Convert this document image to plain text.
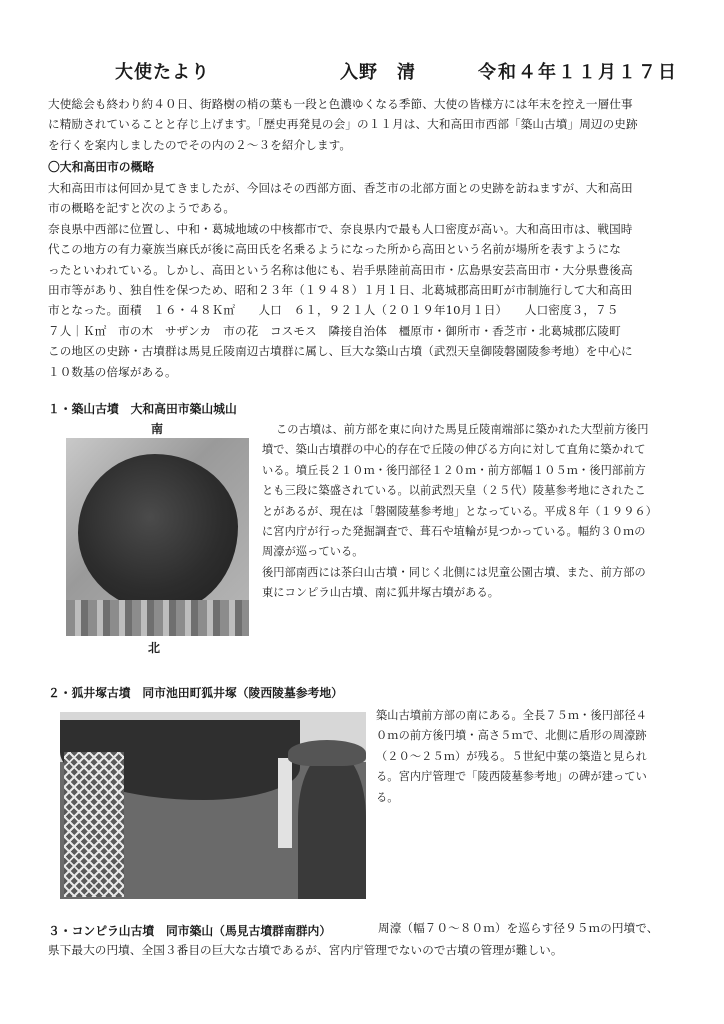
大使たより	入野　清	令和４年１１月１７日

大使総会も終わり約４０日、街路樹の梢の葉も一段と色濃ゆくなる季節、大使の皆様方には年末を控え一層仕事

に精励されていることと存じ上げます。「歴史再発見の会」の１１月は、大和高田市西部「築山古墳」周辺の史跡

を行くを案内しましたのでその内の２～３を紹介します。

〇大和高田市の概略

大和高田市は何回か見てきましたが、今回はその西部方面、香芝市の北部方面との史跡を訪ねますが、大和高田

市の概略を記すと次のようである。

奈良県中西部に位置し、中和・葛城地域の中核都市で、奈良県内で最も人口密度が高い。大和高田市は、戦国時

代この地方の有力豪族当麻氏が後に高田氏を名乗るようになった所から高田という名前が場所を表すようにな

ったといわれている。しかし、高田という名称は他にも、岩手県陸前高田市・広島県安芸高田市・大分県豊後高

田市等があり、独自性を保つため、昭和２３年（１９４８）１月１日、北葛城郡高田町が市制施行して大和高田

市となった。面積　１６・４８Ｋ㎡　　人口　６１，９２１人（２０１９年10月１日）　　人口密度３，７５

７人｜Ｋ㎡　市の木　サザンカ　市の花　コスモス　隣接自治体　橿原市・御所市・香芝市・北葛城郡広陵町

この地区の史跡・古墳群は馬見丘陵南辺古墳群に属し、巨大な築山古墳（武烈天皇御陵磐園陵参考地）を中心に

１０数基の倍塚がある。

１・築山古墳　大和高田市築山城山
南
北

この古墳は、前方部を東に向けた馬見丘陵南端部に築かれた大型前方後円

墳で、築山古墳群の中心的存在で丘陵の伸びる方向に対して直角に築かれて

いる。墳丘長２１０ｍ・後円部径１２０ｍ・前方部幅１０５ｍ・後円部前方

とも三段に築盛されている。以前武烈天皇（２５代）陵墓参考地にされたこ

とがあるが、現在は「磐園陵墓参考地」となっている。平成８年（１９９６）

に宮内庁が行った発掘調査で、葺石や埴輪が見つかっている。幅約３０ｍの

周濠が巡っている。

後円部南西には茶臼山古墳・同じく北側には児童公園古墳、また、前方部の

東にコンピラ山古墳、南に狐井塚古墳がある。

２・狐井塚古墳　同市池田町狐井塚（陵西陵墓参考地）

築山古墳前方部の南にある。全長７５ｍ・後円部径４

０ｍの前方後円墳・高さ５ｍで、北側に盾形の周濠跡

（２０～２５ｍ）が残る。５世紀中葉の築造と見られ

る。宮内庁管理で「陵西陵墓参考地」の碑が建ってい

る。

３・コンピラ山古墳　同市築山（馬見古墳群南群内）	周濠（幅７０～８０ｍ）を巡らす径９５ｍの円墳で、
県下最大の円墳、全国３番目の巨大な古墳であるが、宮内庁管理でないので古墳の管理が難しい。
